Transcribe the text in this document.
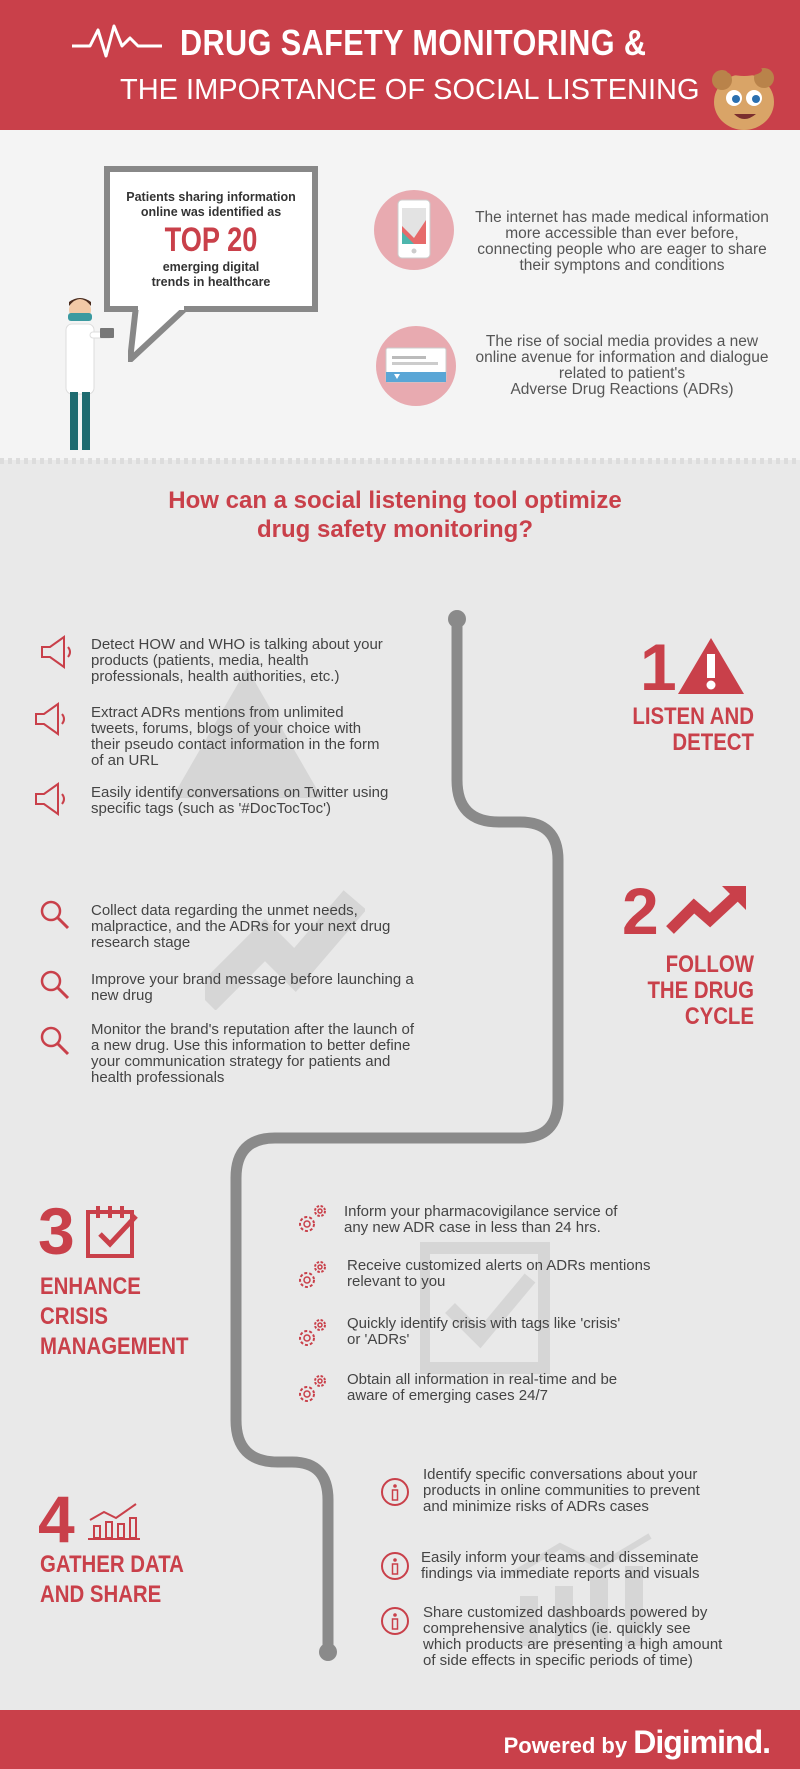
DRUG SAFETY MONITORING &
THE IMPORTANCE OF SOCIAL LISTENING
Patients sharing information
online was identified as
TOP 20
emerging digital
trends in healthcare
The internet has made medical information
more accessible than ever before,
connecting people who are eager to share
their symptons and conditions
The rise of social media provides a new
online avenue for information and dialogue
related to patient's
Adverse Drug Reactions (ADRs)
How can a social listening tool optimize
drug safety monitoring?
1
LISTEN AND
DETECT
Detect HOW and WHO is talking about your
products (patients, media, health
professionals, health authorities, etc.)
Extract ADRs mentions from unlimited
tweets, forums, blogs of your choice with
their pseudo contact information in the form
of an URL
Easily identify conversations on Twitter using
specific tags (such as '#DocTocToc')
2
FOLLOW
THE DRUG
CYCLE
Collect data regarding the unmet needs,
malpractice, and the ADRs for your next drug
research stage
Improve your brand message before launching a
new drug
Monitor the brand's reputation after the launch of
a new drug. Use this information to better define
your communication strategy for patients and
health professionals
3
ENHANCE
CRISIS
MANAGEMENT
Inform your pharmacovigilance service of
any new ADR case in less than 24 hrs.
Receive customized alerts on ADRs mentions
relevant to you
Quickly identify crisis with tags like 'crisis'
or 'ADRs'
Obtain all information in real-time and be
aware of emerging cases 24/7
4
GATHER DATA
AND SHARE
Identify specific conversations about your
products in online communities to prevent
and minimize risks of ADRs cases
Easily inform your teams and disseminate
findings via immediate reports and visuals
Share customized dashboards powered by
comprehensive analytics (ie. quickly see
which products are presenting a high amount
of side effects in specific periods of time)
Powered by Digimind.
